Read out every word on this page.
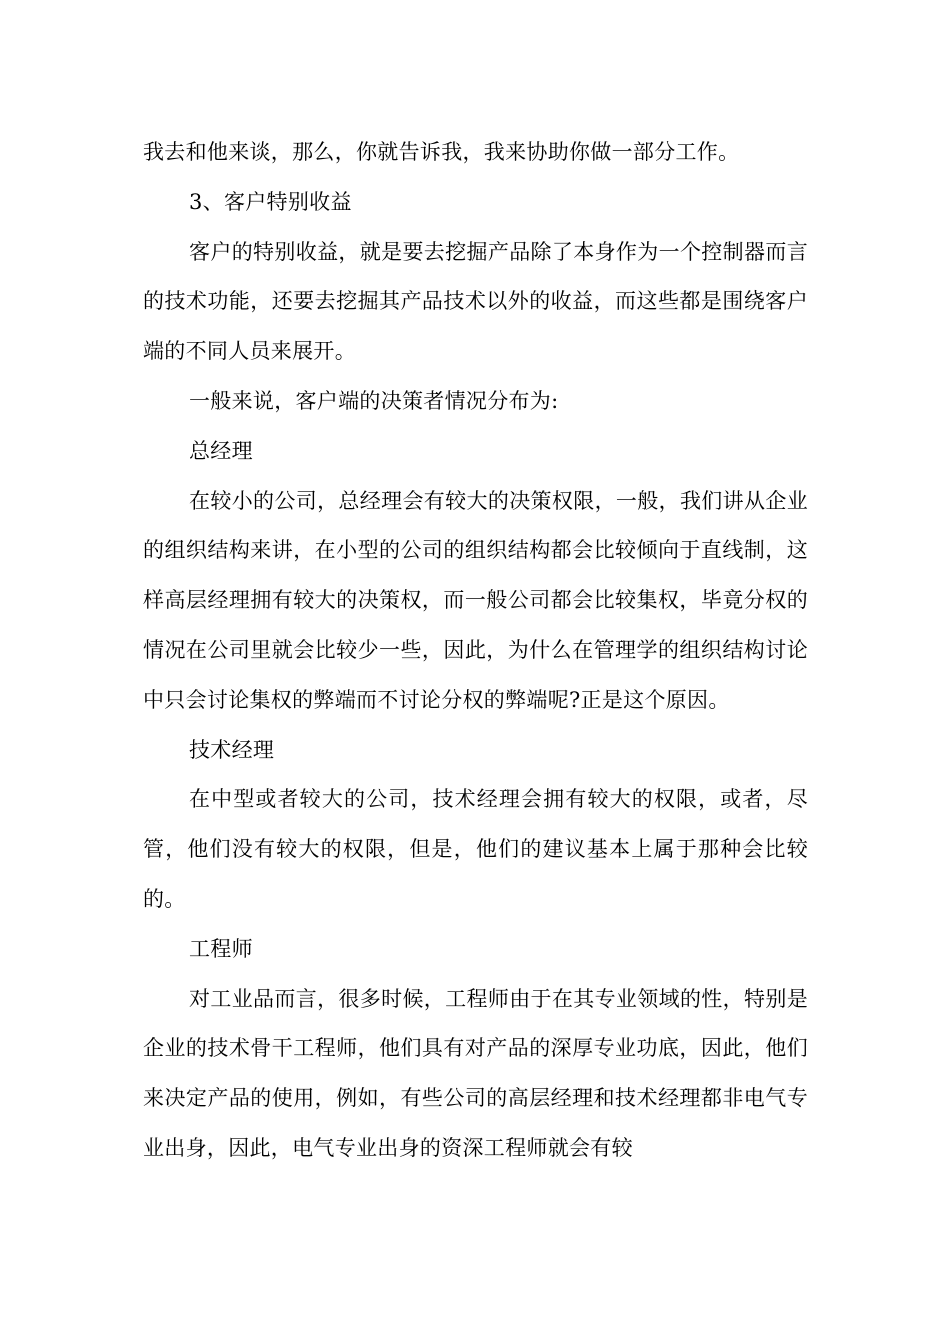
我去和他来谈，那么，你就告诉我，我来协助你做一部分工作。

3、客户特别收益

客户的特别收益，就是要去挖掘产品除了本身作为一个控制器而言的技术功能，还要去挖掘其产品技术以外的收益，而这些都是围绕客户端的不同人员来展开。

一般来说，客户端的决策者情况分布为:

总经理

在较小的公司，总经理会有较大的决策权限，一般，我们讲从企业的组织结构来讲，在小型的公司的组织结构都会比较倾向于直线制，这样高层经理拥有较大的决策权，而一般公司都会比较集权，毕竟分权的情况在公司里就会比较少一些，因此，为什么在管理学的组织结构讨论中只会讨论集权的弊端而不讨论分权的弊端呢?正是这个原因。

技术经理

在中型或者较大的公司，技术经理会拥有较大的权限，或者，尽管，他们没有较大的权限，但是，他们的建议基本上属于那种会比较的。

工程师

对工业品而言，很多时候，工程师由于在其专业领域的性，特别是企业的技术骨干工程师，他们具有对产品的深厚专业功底，因此，他们来决定产品的使用，例如，有些公司的高层经理和技术经理都非电气专业出身，因此，电气专业出身的资深工程师就会有较
